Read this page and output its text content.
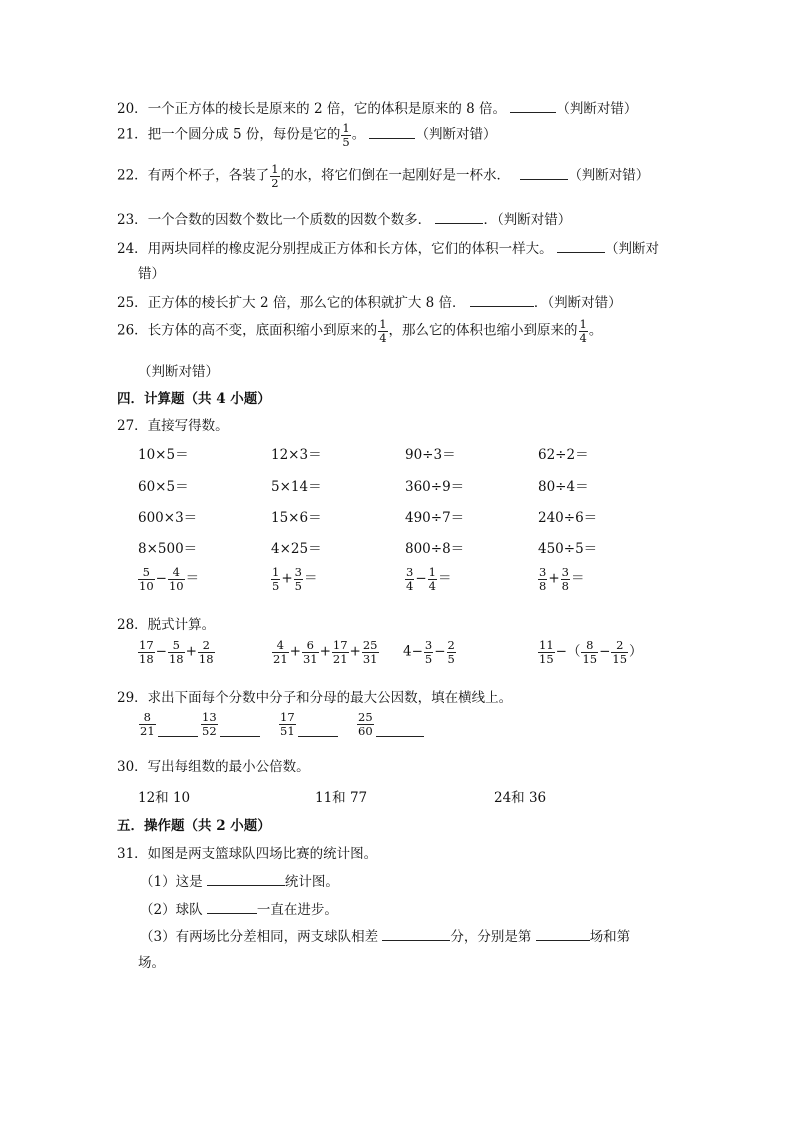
20．一个正方体的棱长是原来的 2 倍，它的体积是原来的 8 倍。	（判断对错）
21．把一个圆分成 5 份，每份是它的 $\frac{1}{5}$ 。	（判断对错）
22．有两个杯子，各装了 $\frac{1}{2}$ 的水，将它们倒在一起刚好是一杯水．	（判断对错）
23．一个合数的因数个数比一个质数的因数个数多．	．（判断对错）
24．用两块同样的橡皮泥分别捏成正方体和长方体，它们的体积一样大。	（判断对
错）
25．正方体的棱长扩大 2 倍，那么它的体积就扩大 8 倍．	．（判断对错）
26．长方体的高不变，底面积缩小到原来的 $\frac{1}{4}$ ，那么它的体积也缩小到原来的 $\frac{1}{4}$ 。
（判断对错）
四．计算题（共 4 小题）
27．直接写得数。
10×5＝	12×3＝	90÷3＝	62÷2＝
60×5＝	5×14＝	360÷9＝	80÷4＝
600×3＝	15×6＝	490÷7＝	240÷6＝
8×500＝	4×25＝	800÷8＝	450÷5＝
$\frac{5}{10} - \frac{4}{10}$ ＝	$\frac{1}{5} + \frac{3}{5}$ ＝	$\frac{3}{4} - \frac{1}{4}$ ＝	$\frac{3}{8} + \frac{3}{8}$ ＝
28．脱式计算。
$\frac{17}{18} - \frac{5}{18} + \frac{2}{18}$	$\frac{4}{21} + \frac{6}{31} + \frac{17}{21} + \frac{25}{31} 4- \frac{3}{5} - \frac{2}{5}$	$\frac{11}{15}$ −（ $\frac{8}{15} - \frac{2}{15}$ ）
29．求出下面每个分数中分子和分母的最大公因数，填在横线上。
$\frac{8}{21}$	$\frac{13}{52}$	$\frac{17}{51}$	$\frac{25}{60}$
30．写出每组数的最小公倍数。
12和 10	11和 77	24和 36
五．操作题（共 2 小题）
31．如图是两支篮球队四场比赛的统计图。
（1）这是	统计图。
（2）球队	一直在进步。
（3）有两场比分差相同，两支球队相差	分，分别是第	场和第
场。
